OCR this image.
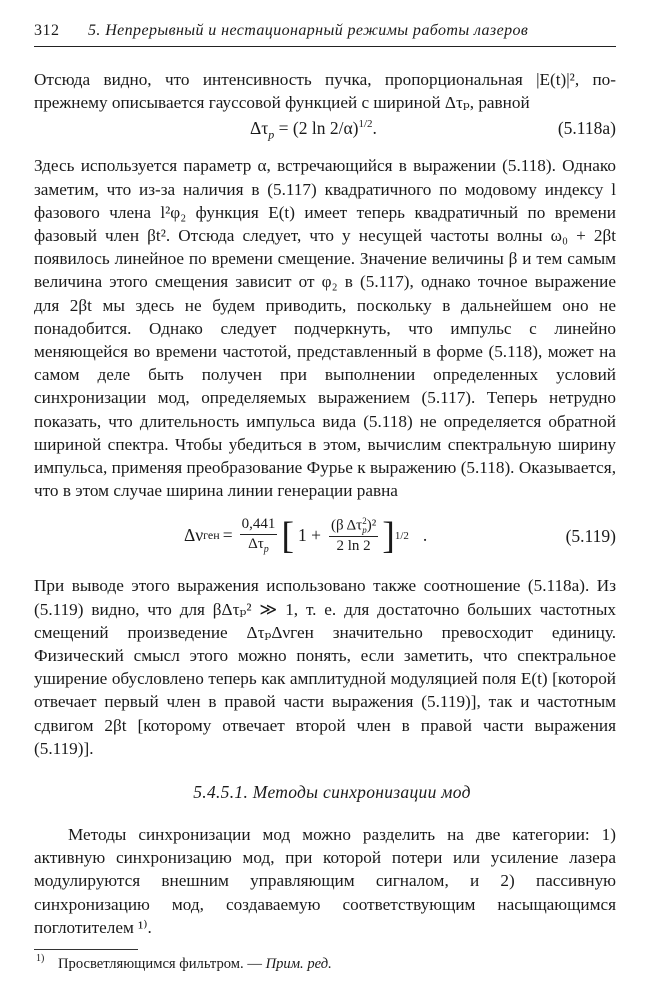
312	5. Непрерывный и нестационарный режимы работы лазеров

Отсюда видно, что интенсивность пучка, пропорциональная |E(t)|², по-прежнему описывается гауссовой функцией с шириной Δτₚ, равной

$\Delta\tau_p = (2$ ln 2/α)$^{1/2}$.	(5.118a)

Здесь используется параметр α, встречающийся в выражении (5.118). Однако заметим, что из-за наличия в (5.117) квадратичного по модовому индексу l фазового члена l²φ₂ функция E(t) имеет теперь квадратичный по времени фазовый член βt². Отсюда следует, что у несущей частоты волны ω₀ + 2βt появилось линейное по времени смещение. Значение величины β и тем самым величина этого смещения зависит от φ₂ в (5.117), однако точное выражение для 2βt мы здесь не будем приводить, поскольку в дальнейшем оно не понадобится. Однако следует подчеркнуть, что импульс с линейно меняющейся во времени частотой, представленный в форме (5.118), может на самом деле быть получен при выполнении определенных условий синхронизации мод, определяемых выражением (5.117). Теперь нетрудно показать, что длительность импульса вида (5.118) не определяется обратной шириной спектра. Чтобы убедиться в этом, вычислим спектральную ширину импульса, применяя преобразование Фурье к выражению (5.118). Оказывается, что в этом случае ширина линии генерации равна

Δν ген = $\frac{0,441}{\Delta\tau_p}$ [ 1 + (β Δτ 2
p )²
2 ln 2 ] 1/2 .	(5.119)

При выводе этого выражения использовано также соотношение (5.118а). Из (5.119) видно, что для βΔτₚ² ≫ 1, т. е. для достаточно больших частотных смещений произведение ΔτₚΔνген значительно превосходит единицу. Физический смысл этого можно понять, если заметить, что спектральное уширение обусловлено теперь как амплитудной модуляцией поля E(t) [которой отвечает первый член в правой части выражения (5.119)], так и частотным сдвигом 2βt [которому отвечает второй член в правой части выражения (5.119)].

5.4.5.1. Методы синхронизации мод

Методы синхронизации мод можно разделить на две категории: 1) активную синхронизацию мод, при которой потери или усиление лазера модулируются внешним управляющим сигналом, и 2) пассивную синхронизацию мод, создаваемую соответствующим насыщающимся поглотителем ¹⁾.

1) Просветляющимся фильтром. — Прим. ред.
